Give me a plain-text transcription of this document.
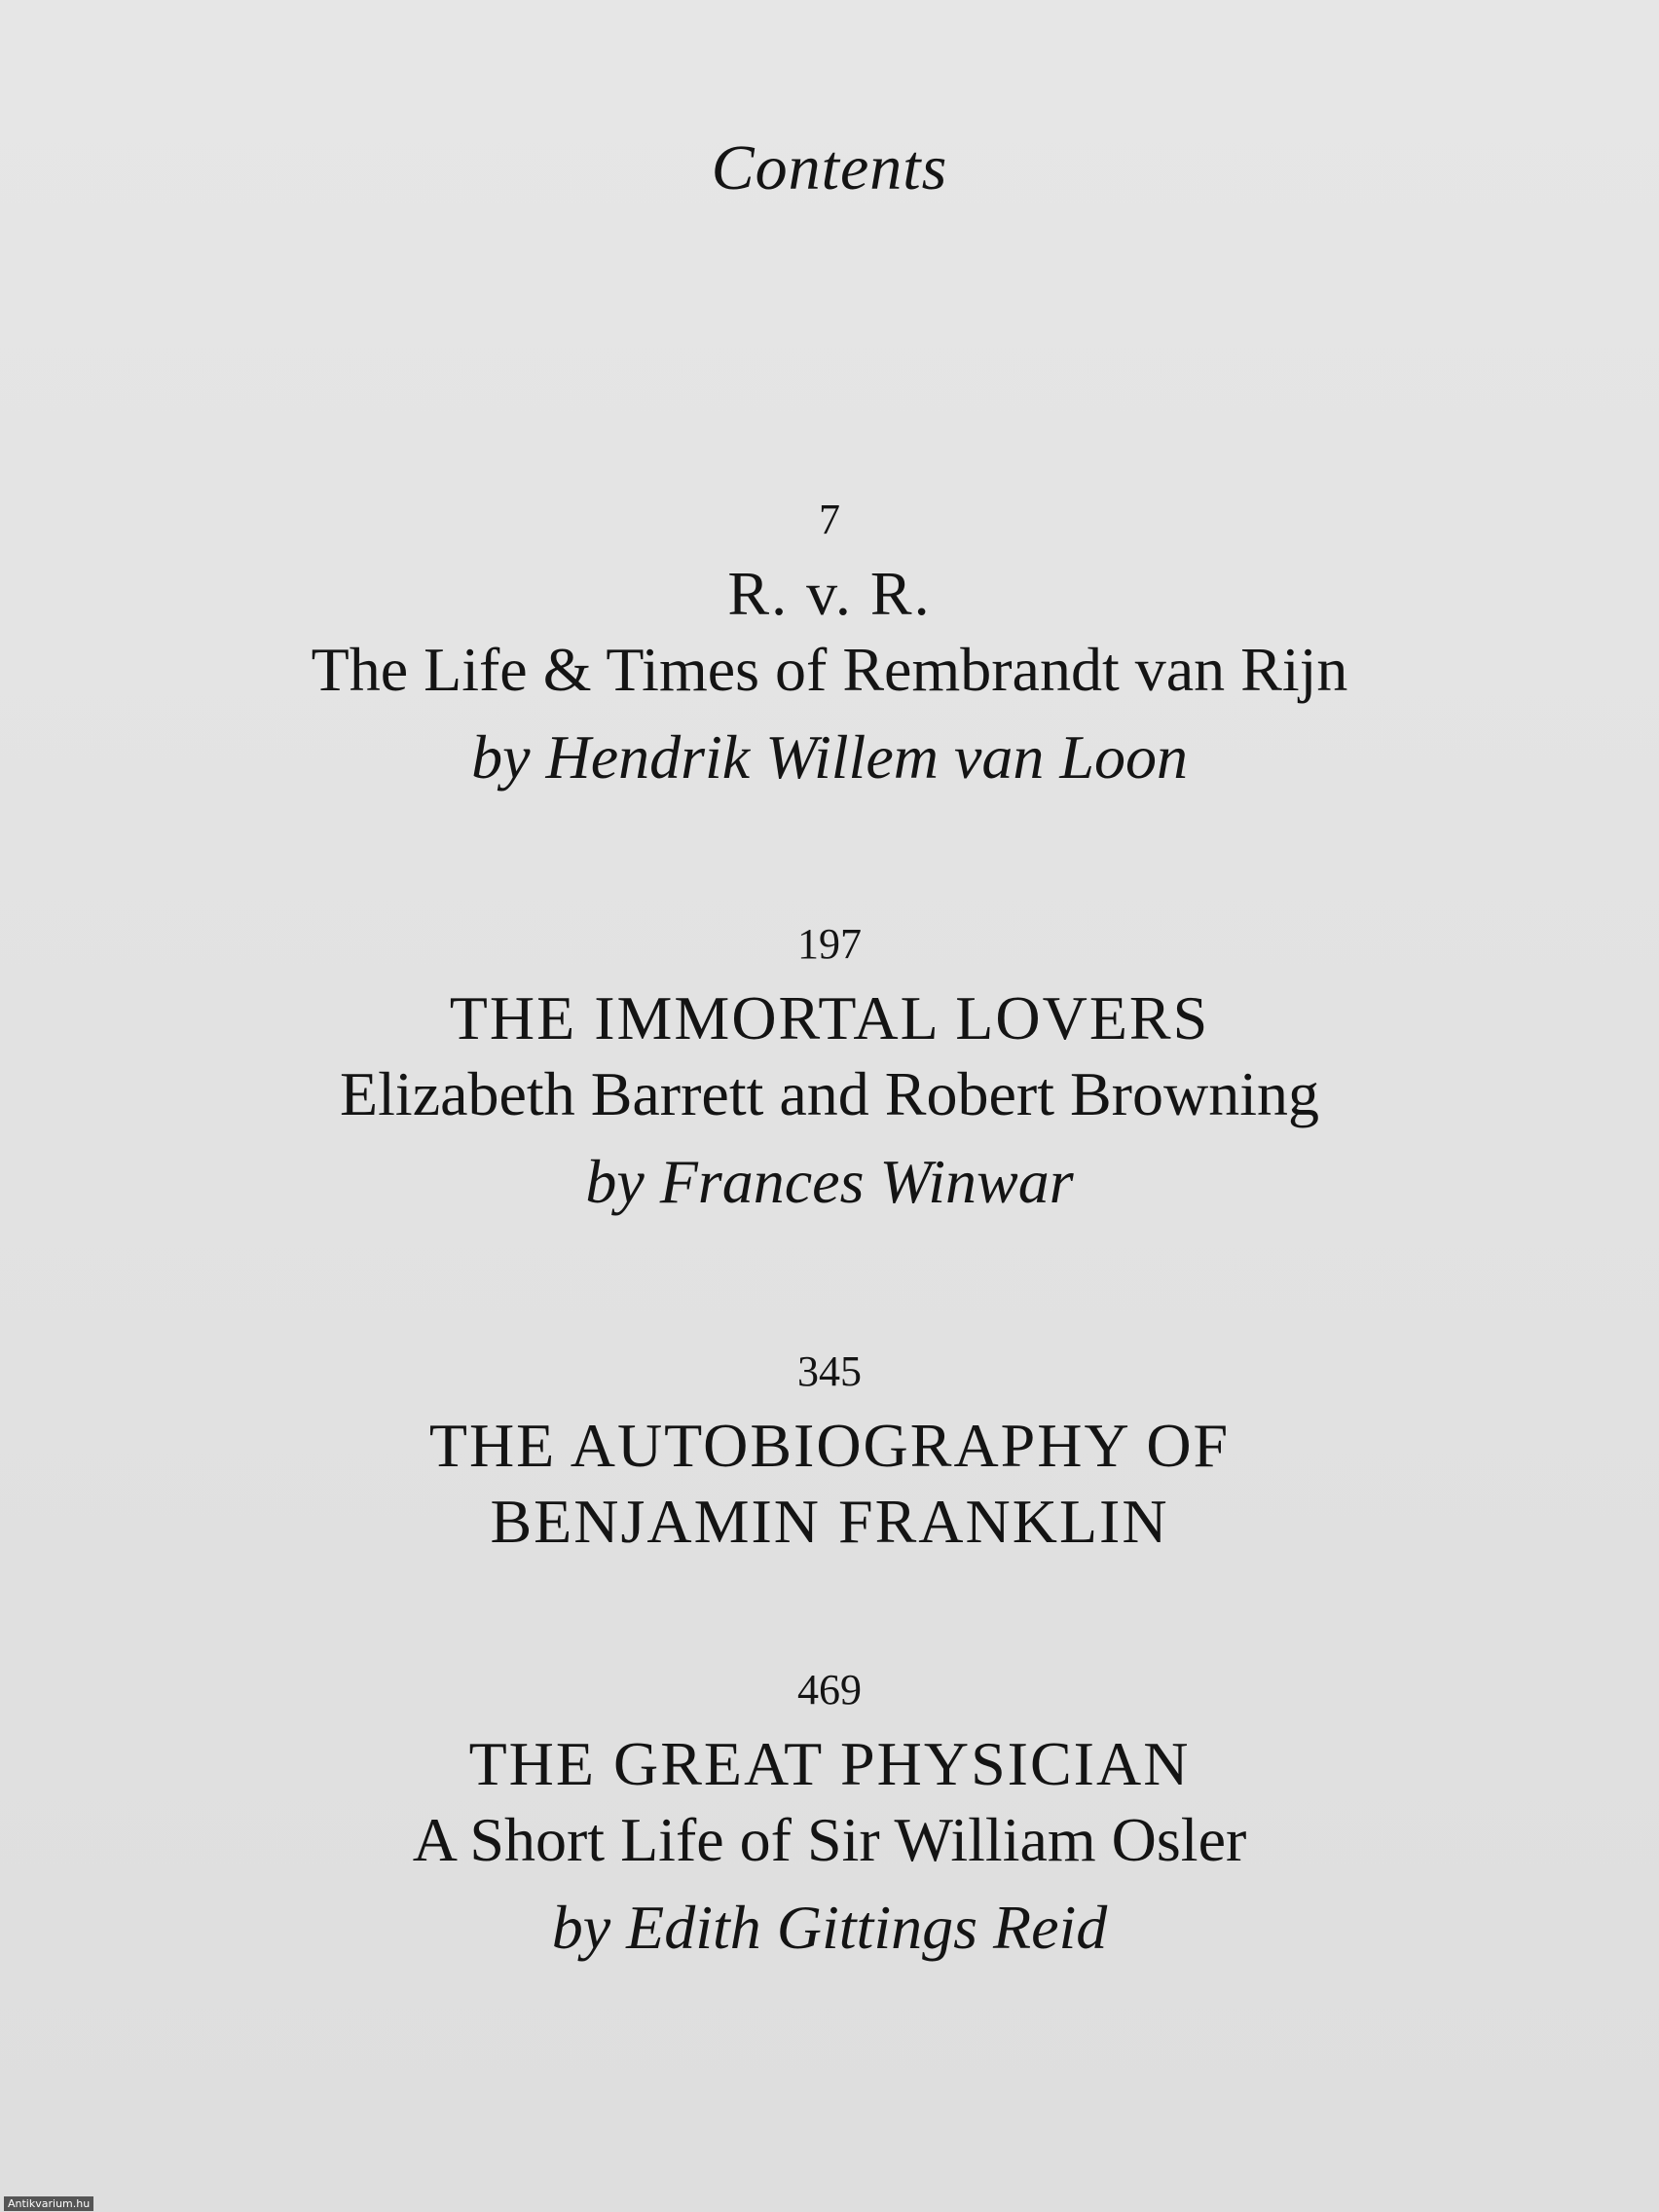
Contents
7
R. v. R.
The Life & Times of Rembrandt van Rijn
by Hendrik Willem van Loon
197
THE IMMORTAL LOVERS
Elizabeth Barrett and Robert Browning
by Frances Winwar
345
THE AUTOBIOGRAPHY OF
BENJAMIN FRANKLIN
469
THE GREAT PHYSICIAN
A Short Life of Sir William Osler
by Edith Gittings Reid
Antikvarium.hu
